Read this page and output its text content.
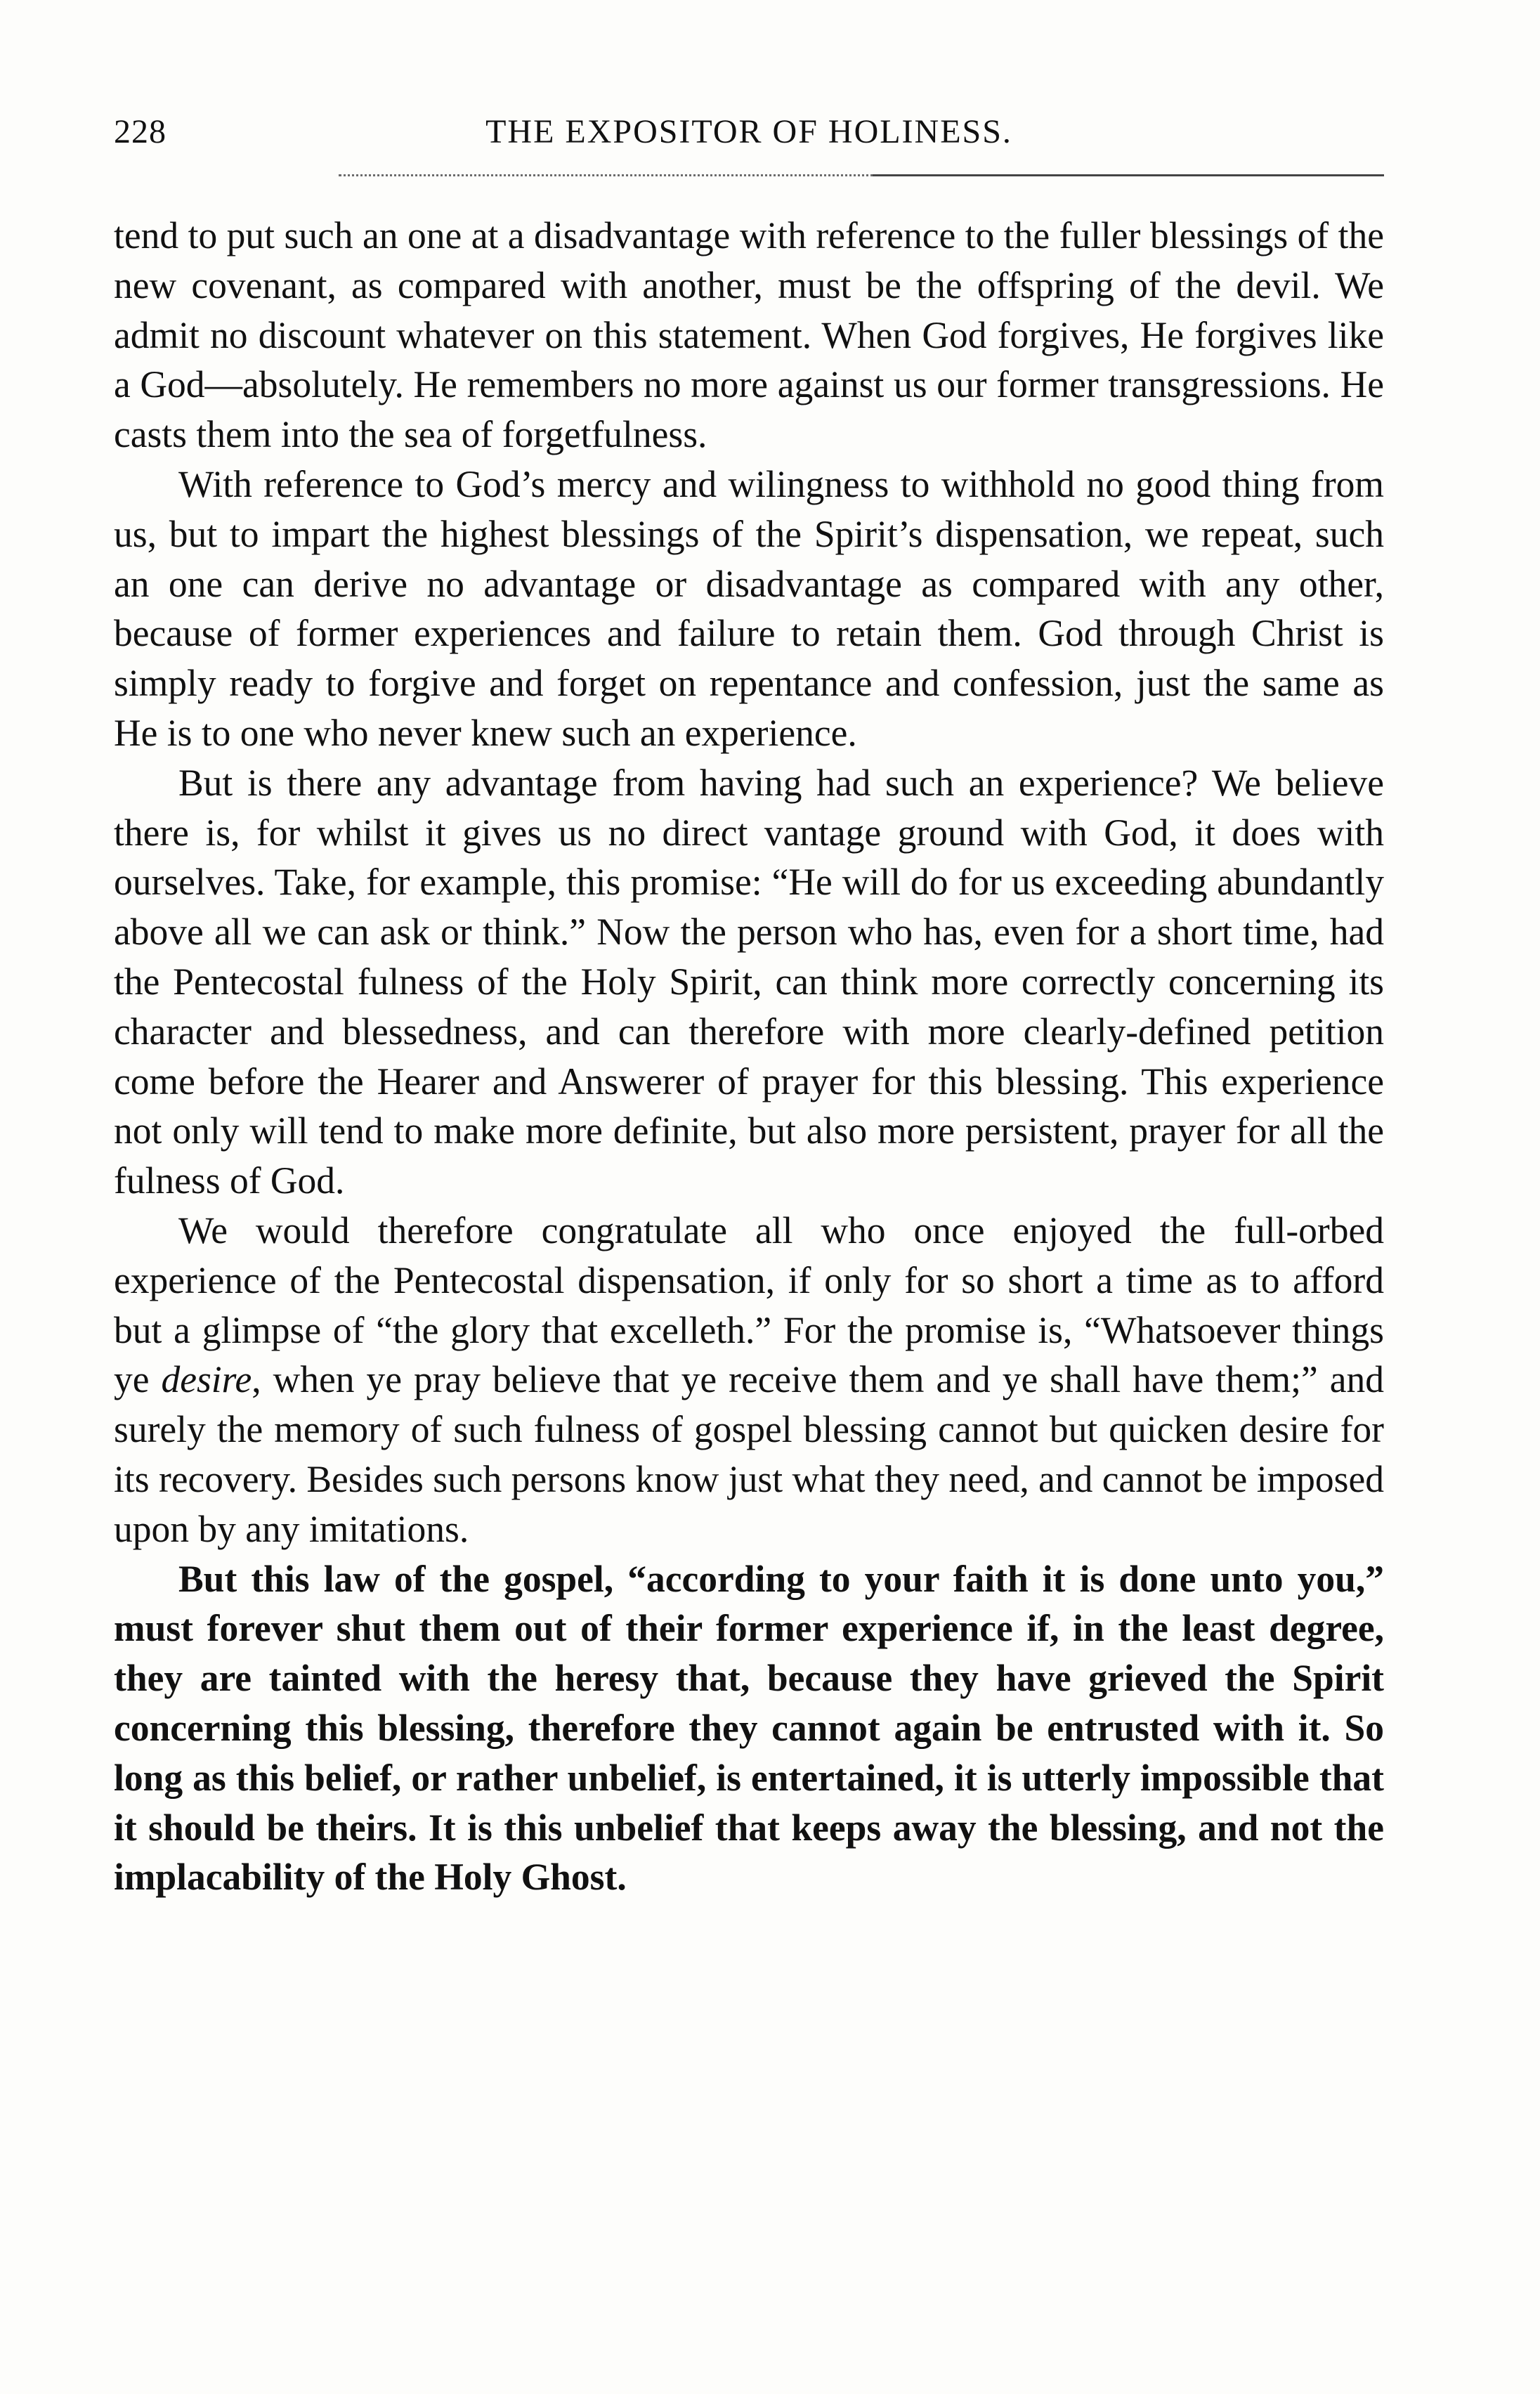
228	THE EXPOSITOR OF HOLINESS.

tend to put such an one at a disadvantage with reference to the fuller blessings of the new covenant, as compared with another, must be the offspring of the devil. We admit no discount whatever on this statement. When God forgives, He forgives like a God—absolutely. He remembers no more against us our former transgressions. He casts them into the sea of forgetfulness.

With reference to God’s mercy and wilingness to withhold no good thing from us, but to impart the highest blessings of the Spirit’s dispensation, we repeat, such an one can derive no advantage or disadvantage as compared with any other, because of former experiences and failure to retain them. God through Christ is simply ready to forgive and forget on repentance and confession, just the same as He is to one who never knew such an experience.

But is there any advantage from having had such an experience? We believe there is, for whilst it gives us no direct vantage ground with God, it does with ourselves. Take, for example, this promise: “He will do for us exceeding abundantly above all we can ask or think.” Now the person who has, even for a short time, had the Pentecostal fulness of the Holy Spirit, can think more correctly concerning its character and blessedness, and can therefore with more clearly-defined petition come before the Hearer and Answerer of prayer for this blessing. This experience not only will tend to make more definite, but also more persistent, prayer for all the fulness of God.

We would therefore congratulate all who once enjoyed the full-orbed experience of the Pentecostal dispensation, if only for so short a time as to afford but a glimpse of “the glory that excelleth.” For the promise is, “Whatsoever things ye desire, when ye pray believe that ye receive them and ye shall have them;” and surely the memory of such fulness of gospel blessing cannot but quicken desire for its recovery. Besides such persons know just what they need, and cannot be imposed upon by any imitations.

But this law of the gospel, “according to your faith it is done unto you,” must forever shut them out of their former experience if, in the least degree, they are tainted with the heresy that, because they have grieved the Spirit concerning this blessing, therefore they cannot again be entrusted with it. So long as this belief, or rather unbelief, is entertained, it is utterly impossible that it should be theirs. It is this unbelief that keeps away the blessing, and not the implacability of the Holy Ghost.
